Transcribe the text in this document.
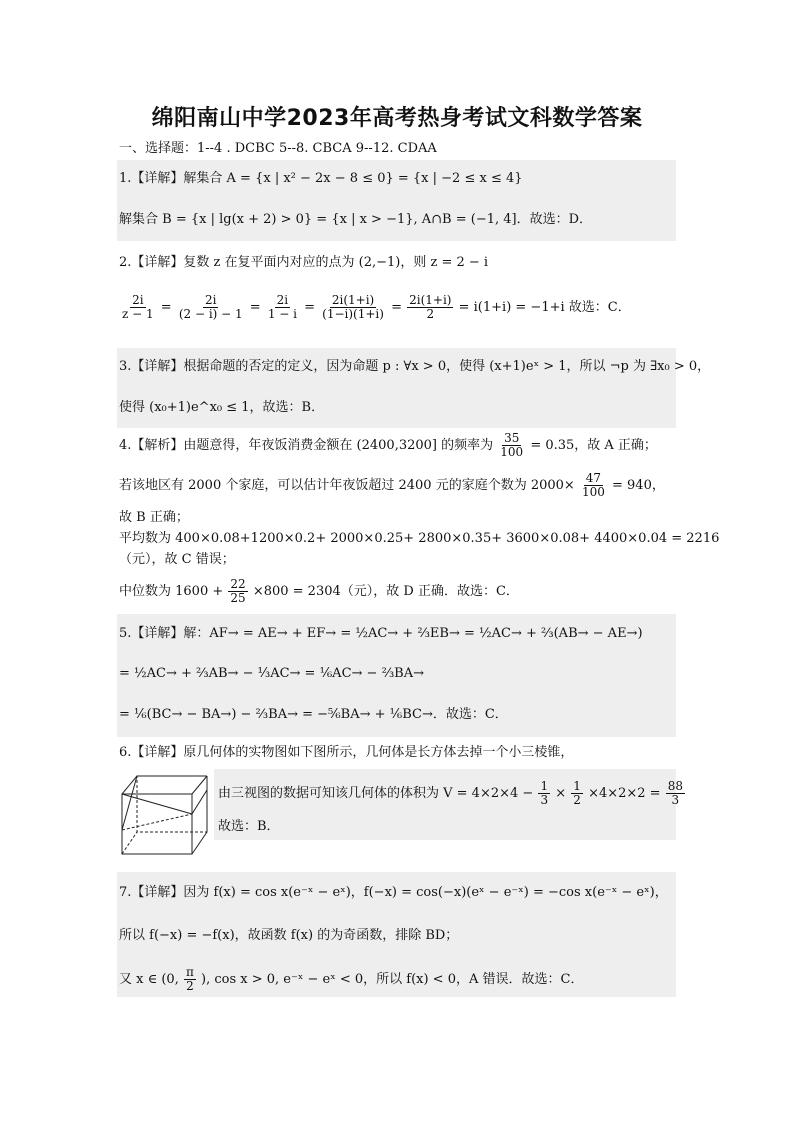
绵阳南山中学2023年高考热身考试文科数学答案
一、选择题：1--4 . DCBC 5--8. CBCA 9--12. CDAA
1.【详解】解集合 A = {x | x² − 2x − 8 ≤ 0} = {x | −2 ≤ x ≤ 4}
解集合 B = {x | lg(x + 2) > 0} = {x | x > −1}, A∩B = (−1, 4]．故选：D．
2.【详解】复数 z 在复平面内对应的点为 (2,−1)，则 z = 2 − i
$\frac{2i}{z - 1} = \frac{2i}{(2 - i) - 1} = \frac{2i}{1 - i} = \frac{2i(1+i)}{(1-i)(1+i)} = \frac{2i(1+i)}{2} = i(1+i) = -1+i$ 故选：C．
3.【详解】根据命题的否定的定义，因为命题 p : ∀x > 0，使得 (x+1)eˣ > 1，所以 ¬p 为 ∃x₀ > 0，
使得 (x₀+1)e^x₀ ≤ 1，故选：B．
4.【解析】由题意得，年夜饭消费金额在 (2400,3200] 的频率为 $\frac{35}{100} = 0.35$，故 A 正确；
若该地区有 2000 个家庭，可以估计年夜饭超过 2400 元的家庭个数为 $2000\times \frac{47}{100} = 940$，
故 B 正确；
平均数为 400×0.08+1200×0.2+ 2000×0.25+ 2800×0.35+ 3600×0.08+ 4400×0.04 = 2216
（元），故 C 错误；
中位数为 $1600 + \frac{22}{25} \times 800 = 2304$（元），故 D 正确．故选：C．
5.【详解】解：AF→ = AE→ + EF→ = ½AC→ + ⅔EB→ = ½AC→ + ⅔(AB→ − AE→)
= ½AC→ + ⅔AB→ − ⅓AC→ = ⅙AC→ − ⅔BA→
= ⅙(BC→ − BA→) − ⅔BA→ = −⅚BA→ + ⅙BC→．故选：C．
6.【详解】原几何体的实物图如下图所示，几何体是长方体去掉一个小三棱锥，
由三视图的数据可知该几何体的体积为 $V = 4\times 2\times 4 - \frac{1}{3} \times \frac{1}{2} \times 4\times 2\times 2 = \frac{88}{3}$
故选：B．
7.【详解】因为 f(x) = cos x(e⁻ˣ − eˣ)，f(−x) = cos(−x)(eˣ − e⁻ˣ) = −cos x(e⁻ˣ − eˣ)，
所以 f(−x) = −f(x)，故函数 f(x) 的为奇函数，排除 BD；
又 x ∈ (0, $\frac{\pi}{2}$ ), cos x > 0, e⁻ˣ − eˣ < 0，所以 f(x) < 0，A 错误．故选：C．
